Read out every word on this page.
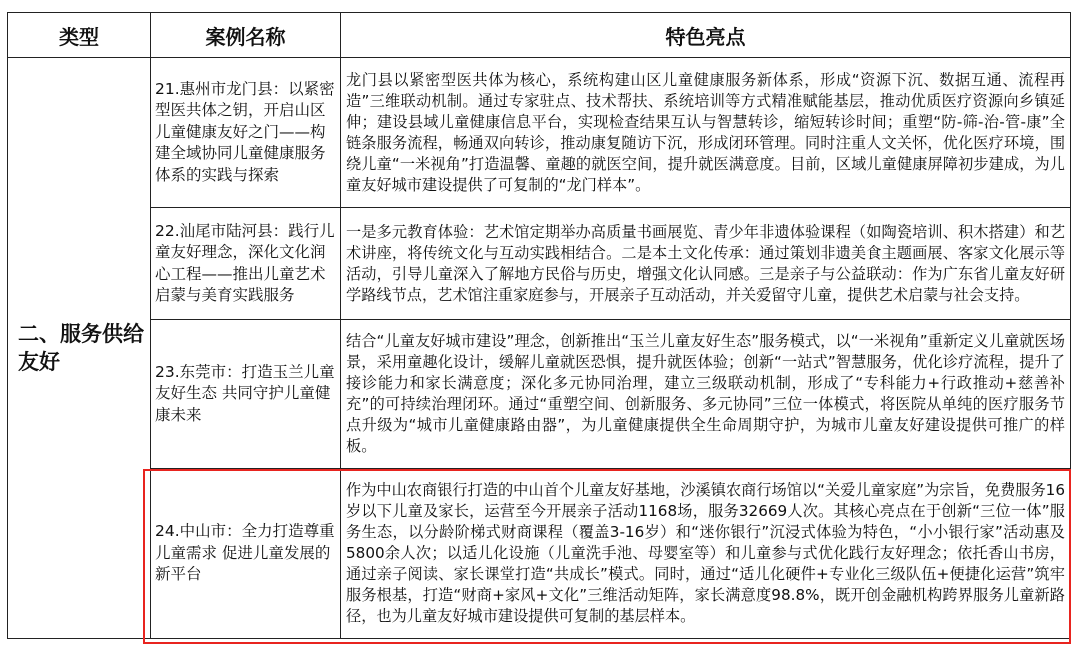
类型	案例名称	特色亮点
二、服务供给友好	21.惠州市龙门县：以紧密型医共体之钥，开启山区儿童健康友好之门——构建全域协同儿童健康服务体系的实践与探索	龙门县以紧密型医共体为核心，系统构建山区儿童健康服务新体系，形成“资源下沉、数据互通、流程再造”三维联动机制。通过专家驻点、技术帮扶、系统培训等方式精准赋能基层，推动优质医疗资源向乡镇延伸；建设县域儿童健康信息平台，实现检查结果互认与智慧转诊，缩短转诊时间；重塑“防-筛-治-管-康”全链条服务流程，畅通双向转诊，推动康复随访下沉，形成闭环管理。同时注重人文关怀，优化医疗环境，围绕儿童“一米视角”打造温馨、童趣的就医空间，提升就医满意度。目前，区域儿童健康屏障初步建成，为儿童友好城市建设提供了可复制的“龙门样本”。
	22.汕尾市陆河县：践行儿童友好理念，深化文化润心工程——推出儿童艺术启蒙与美育实践服务	一是多元教育体验：艺术馆定期举办高质量书画展览、青少年非遗体验课程（如陶瓷培训、积木搭建）和艺术讲座，将传统文化与互动实践相结合。二是本土文化传承：通过策划非遗美食主题画展、客家文化展示等活动，引导儿童深入了解地方民俗与历史，增强文化认同感。三是亲子与公益联动：作为广东省儿童友好研学路线节点，艺术馆注重家庭参与，开展亲子互动活动，并关爱留守儿童，提供艺术启蒙与社会支持。
	23.东莞市：打造玉兰儿童友好生态 共同守护儿童健康未来	结合“儿童友好城市建设”理念，创新推出“玉兰儿童友好生态”服务模式，以“一米视角”重新定义儿童就医场景，采用童趣化设计，缓解儿童就医恐惧，提升就医体验；创新“一站式”智慧服务，优化诊疗流程，提升了接诊能力和家长满意度；深化多元协同治理，建立三级联动机制，形成了“专科能力+行政推动+慈善补充”的可持续治理闭环。通过“重塑空间、创新服务、多元协同”三位一体模式，将医院从单纯的医疗服务节点升级为“城市儿童健康路由器”，为儿童健康提供全生命周期守护，为城市儿童友好建设提供可推广的样板。
	24.中山市：全力打造尊重儿童需求 促进儿童发展的新平台	作为中山农商银行打造的中山首个儿童友好基地，沙溪镇农商行场馆以“关爱儿童家庭”为宗旨，免费服务16岁以下儿童及家长，运营至今开展亲子活动1168场，服务32669人次。其核心亮点在于创新“三位一体”服务生态，以分龄阶梯式财商课程（覆盖3-16岁）和“迷你银行”沉浸式体验为特色，“小小银行家”活动惠及5800余人次；以适儿化设施（儿童洗手池、母婴室等）和儿童参与式优化践行友好理念；依托香山书房，通过亲子阅读、家长课堂打造“共成长”模式。同时，通过“适儿化硬件+专业化三级队伍+便捷化运营”筑牢服务根基，打造“财商+家风+文化”三维活动矩阵，家长满意度98.8%，既开创金融机构跨界服务儿童新路径，也为儿童友好城市建设提供可复制的基层样本。
